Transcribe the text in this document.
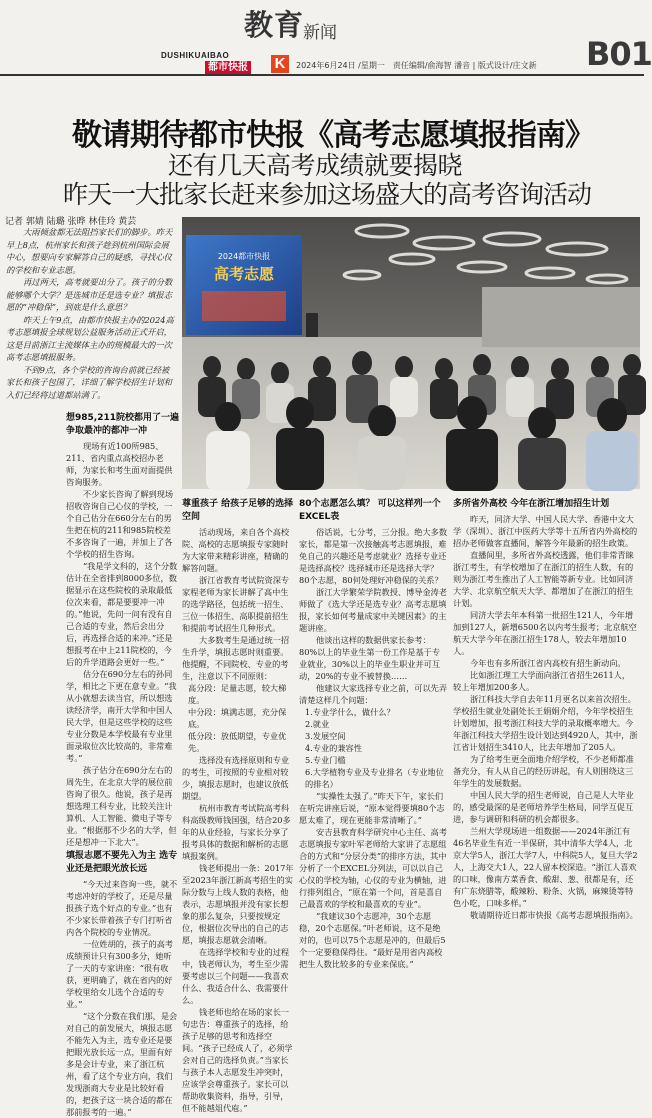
教育
新闻
DUSHIKUAIBAO
都市快报 K	2024年6月24日 /星期一　责任编辑/俞海智 潘音 | 版式设计/庄文新 B01
敬请期待都市快报《高考志愿填报指南》
还有几天高考成绩就要揭晓
昨天一大批家长赶来参加这场盛大的高考咨询活动
记者 郭婧 陆璐 张晔 林佳玲 黄芸

大雨倾盆都无法阻挡家长们的脚步。昨天早上8点，杭州家长和孩子趁到杭州国际会展中心，想要向专家解答自己的疑惑，寻找心仪的学校和专业志愿。

再过两天，高考就要出分了。孩子的分数能够哪个大学？是选城市还是选专业？填报志愿的“冲稳保”，到底是什么意思？

昨天上午9点，由都市快报主办的2024高考志愿填报全球规划公益服务活动正式开启，这是目前浙江主流媒体主办的规模最大的一次高考志愿填报服务。

不到9点，各个学校的咨询台前就已经被家长和孩子包围了，详细了解学校招生计划和入们已经将过道都站满了。

高考志愿
2024都市快报

想985,211院校都用了一遍 争取最冲的都冲一冲

现场有近100所985、211、省内重点高校招办老师，为家长和考生面对面提供咨询服务。

不少家长咨询了解到现场招收咨询自己心仪的学校，一个自己估分在660分左右的男生把在杭的211和985院校差不多咨询了一遍，并加上了各个学校的招生咨询。

“我是学文科的，这个分数估计在全省排到8000多位，数据显示在这些院校的录取最低位次来看，都是要要冲一冲的。”他说，先问一问有没有自己合适的专业，然后会出分后，再选择合适的来冲。”还是想报考在中上211院校的，今后的升学道路会更好一些。”

估分在690分左右的孙同学，相比之下更在意专业。“我从小就想去读当官，所以想选读经济学，南开大学和中国人民大学，但是这些学校的这些专业分数是本学校最有专业里面录取位次比较高的，非常难考。”

孩子估分在690分左右的周先生，在北京大学的展位前咨询了很久。他说，孩子是再想选理工科专业，比较关注计算机、人工智能、微电子等专业。“根据那不少名的大学，但还是想冲一下北大”。

填报志愿不要先入为主 选专业还是把眼光放长远

“今天过来咨询一些，就不考虑冲好的学校了，还是尽量报孩子选个好点的专业。”也有不少家长带着孩子专门打听省内各个院校的专业情况。

一位姓胡的，孩子的高考成绩预计只有300多分，她听了一天的专家讲座：“很有收获，更明确了，就在省内的好学校里给女儿选个合适的专业。”

“这个分数在我们那，是会对自己的前发展大，填报志愿不能先入为主，选专业还是要把眼光放长远一点，里面有好多是会计专业，来了浙江杭州，看了这个专业方向，我们发现浙商大专业是比较好看的，把孩子这一块合适的都在那前报考的一遍。”

尊重孩子 给孩子足够的选择空间

活动现场，来自各个高校院、高校的志愿填报专家随时为大家带来精彩讲座，精确的解答问题。

浙江省教育考试院资深专家程老师为家长讲解了高中生的选学路径，包括统一招生、三位一体招生、高职提前招生和提前考试招生几种形式。

大多数考生是通过统一招生升学，填报志愿时则重要。他提醒，不同院校、专业的考生，注意以下不同原则：

高分段：足量志愿，较大梯度。

中分段：填满志愿，充分保底。

低分段：放低期望，专业优先。

选择没有选择原则和专业的考生，可按照的专业相对较少，填报志愿时，也建议放低期望。

杭州市教育考试院高考科科高级教师钱国强，结合20多年的从业经验，与家长分享了报考具体的数据和解析的志愿填报案例。

钱老师提出一条：2017年至2023年浙江新高考招生的实际分数与上线人数的表格，他表示，志愿填报并没有家长想象的那么复杂，只要按规定位，根据位次导出的自己的志愿，填报志愿就会清晰。

在选择学校和专业的过程中，钱老师认为，考生至少需要考虑以三个问题——我喜欢什么、我适合什么、我需要什么。

钱老师也给在场的家长一句忠告：尊重孩子的选择，给孩子足够的思考和选择空间。“孩子已经成人了，必须学会对自己的选择负责。”当家长与孩子本人志愿发生冲突时，应该学会尊重孩子。家长可以帮助收集资料，指导，引导，但不能越俎代庖。”

80个志愿怎么填？ 可以这样列一个EXCEL表

俗话说，七分考，三分报。绝大多数家长，都是第一次接触高考志愿填报，难免自己的兴趣还是考虑就业？选择专业还是选择高校？选择城市还是选择大学？80个志愿，80何处理好冲稳保的关系？

浙江大学繁荣学院教授、博导金涛老师做了《选大学还是选专业？高考志愿填报，家长如何考量成家中关键因素》的主题讲座。

他谈出这样的数据供家长参考：80%以上的毕业生第一份工作是基于专业就业，30%以上的毕业生职业并可互动，20%的专业不被替换……

他建议大家选择专业之前，可以先弄清楚这样几个问题：

1.专业学什么，做什么？

2.就业

3.发展空间

4.专业的兼容性

5.专业门槛

6.大学植物专业及专业排名（专业地位的排名）

“实操性太强了。”昨天下午，家长们在听完讲座后说，“原本觉得要填80个志愿太难了，现在更能非常清晰了。”

安吉县教育科学研究中心主任、高考志愿填报专家叶军老师给大家讲了志愿组合的方式和“分层分类”的排序方法，其中分析了一个EXCEL分列法，可以以自己心仪的学校为轴，心仪的专业为横轴，进行排列组合，“原在第一个问，首是喜自己最喜欢的学校和最喜欢的专业”。

“我建议30个志愿冲，30个志愿稳，20个志愿保。”叶老师说，这不是绝对的，也可以75个志愿是冲的，但最后5个一定要稳保得住。“最好是用省内高校把生人数比较多的专业来保底。”

多所省外高校 今年在浙江增加招生计划

昨天，同济大学、中国人民大学、香港中文大学（深圳）、浙江中医药大学等十五所省内外高校的招办老师做客直播间，解答今年最新的招生政策。

直播间里，多所省外高校透露，他们非常青睐浙江考生，有学校增加了在浙江的招生人数，有的则为浙江考生推出了人工智能等新专业。比如同济大学、北京航空航天大学、都增加了在浙江的招生计划。

同济大学去年本科第一批招生121人，今年增加到127人，新增6500名以内考生报考；北京航空航天大学今年在浙江招生178人，较去年增加10人。

今年也有多所浙江省内高校有招生新动向。

比如浙江理工大学面向浙江省招生2611人，较上年增加200多人。

浙江科技大学自去年11月更名以来首次招生。学校招生就业处副处长王娟娟介绍，今年学校招生计划增加，报考浙江科技大学的录取概率增大。今年浙江科技大学招生设计划达到4920人，其中，浙江省计划招生3410人，比去年增加了205人。

为了给考生更全面地介绍学校，不少老师都准备充分，有人从自己的经历讲起，有人则围绕这三年学生的发展数据。

中国人民大学的招生老师说，自己是人大毕业的，感受最深的是老师培养学生格局，同学互促互进，参与调研和科研的机会都很多。

兰州大学现场进一组数据——2024年浙江有46名毕业生有近一半保研，其中清华大学4人，北京大学5人，浙江大学7人，中科院5人，复旦大学2人，上海交大1人，22人留本校深造。“浙江人喜欢的口味，像南方菜香食、酸甜、葱、很都是有，还有广东烧腊等，酸辣粉、粉条、火锅，麻辣烫等特色小吃，口味多样。”

敬请期待近日都市快报《高考志愿填报指南》。
